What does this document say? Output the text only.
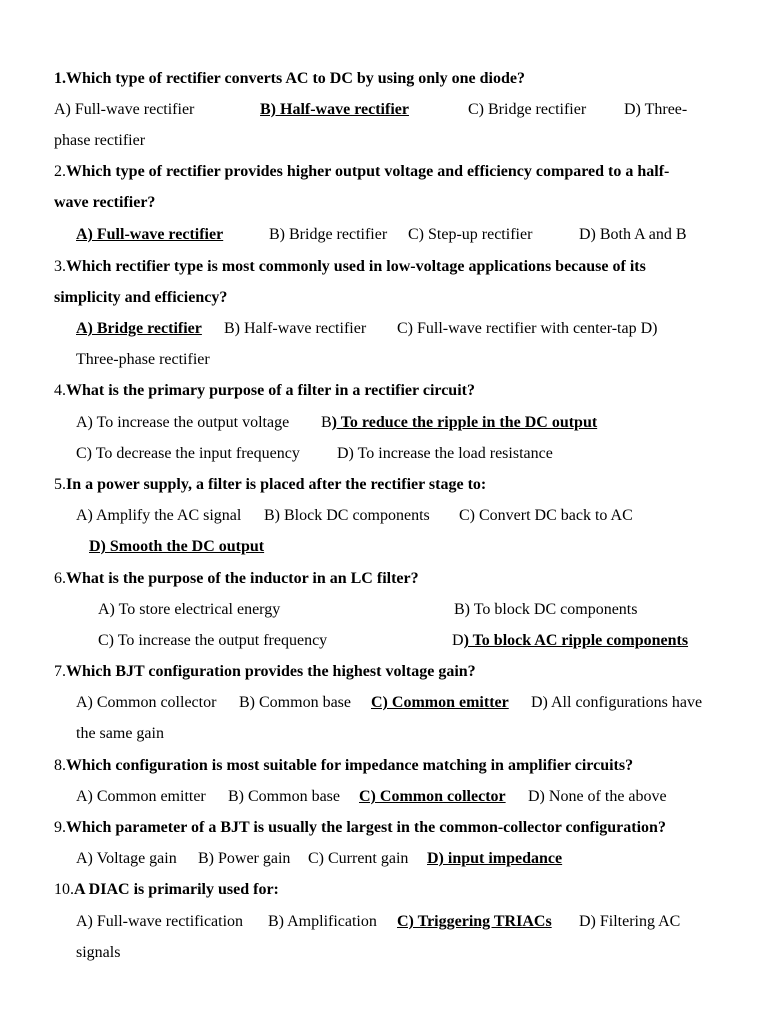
1.Which type of rectifier converts AC to DC by using only one diode?
A) Full-wave rectifier	B) Half-wave rectifier	C) Bridge rectifier D) Three-
phase rectifier
2.Which type of rectifier provides higher output voltage and efficiency compared to a half-
wave rectifier?
A) Full-wave rectifier	B) Bridge rectifier C) Step-up rectifier	D) Both A and B
3.Which rectifier type is most commonly used in low-voltage applications because of its
simplicity and efficiency?
A) Bridge rectifier B) Half-wave rectifier C) Full-wave rectifier with center-tap D)
Three-phase rectifier
4.What is the primary purpose of a filter in a rectifier circuit?
A) To increase the output voltage B) To reduce the ripple in the DC output
C) To decrease the input frequency D) To increase the load resistance
5.In a power supply, a filter is placed after the rectifier stage to:
A) Amplify the AC signal B) Block DC components C) Convert DC back to AC
D) Smooth the DC output
6.What is the purpose of the inductor in an LC filter?
A) To store electrical energy	B) To block DC components
C) To increase the output frequency	D) To block AC ripple components
7.Which BJT configuration provides the highest voltage gain?
A) Common collector B) Common base C) Common emitter D) All configurations have
the same gain
8.Which configuration is most suitable for impedance matching in amplifier circuits?
A) Common emitter B) Common base C) Common collector D) None of the above
9.Which parameter of a BJT is usually the largest in the common-collector configuration?
A) Voltage gain B) Power gain C) Current gain D) input impedance
10.A DIAC is primarily used for:
A) Full-wave rectification B) Amplification C) Triggering TRIACs D) Filtering AC
signals
